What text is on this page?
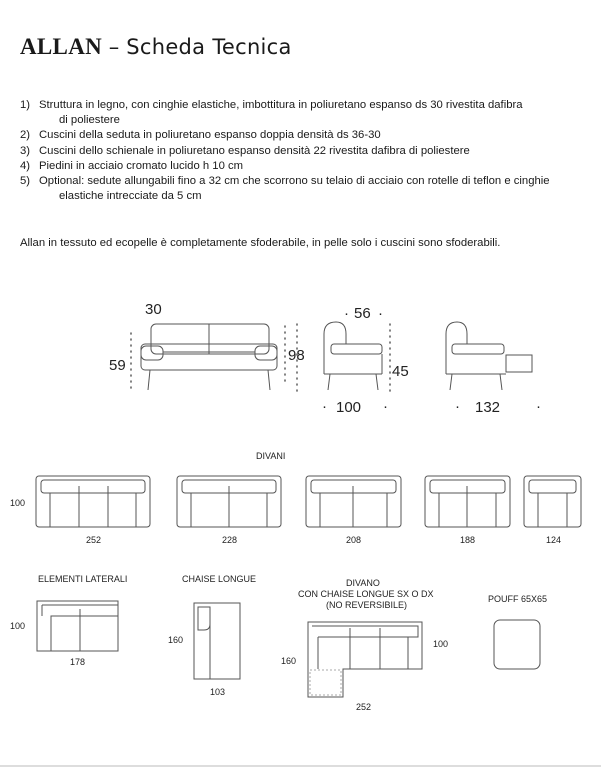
ALLAN – Scheda Tecnica
1) Struttura in legno, con cinghie elastiche, imbottitura in poliuretano espanso ds 30 rivestita dafibra
di poliestere
2) Cuscini della seduta in poliuretano espanso doppia densità ds 36-30
3) Cuscini dello schienale in poliuretano espanso densità 22 rivestita dafibra di poliestere
4) Piedini in acciaio cromato lucido h 10 cm
5) Optional: sedute allungabili fino a 32 cm che scorrono su telaio di acciaio con rotelle di teflon e cinghie
elastiche intrecciate da 5 cm
Allan in tessuto ed ecopelle è completamente sfoderabile, in pelle solo i cuscini sono sfoderabili.
30
59
98
56
45
100	132
· ·
·	·	·	·
DIVANI
100
252	228	208	188	124
ELEMENTI LATERALI
100
178
CHAISE LONGUE
160
103
DIVANO
CON CHAISE LONGUE SX O DX
(NO REVERSIBILE)
160
100
252
POUFF 65X65
